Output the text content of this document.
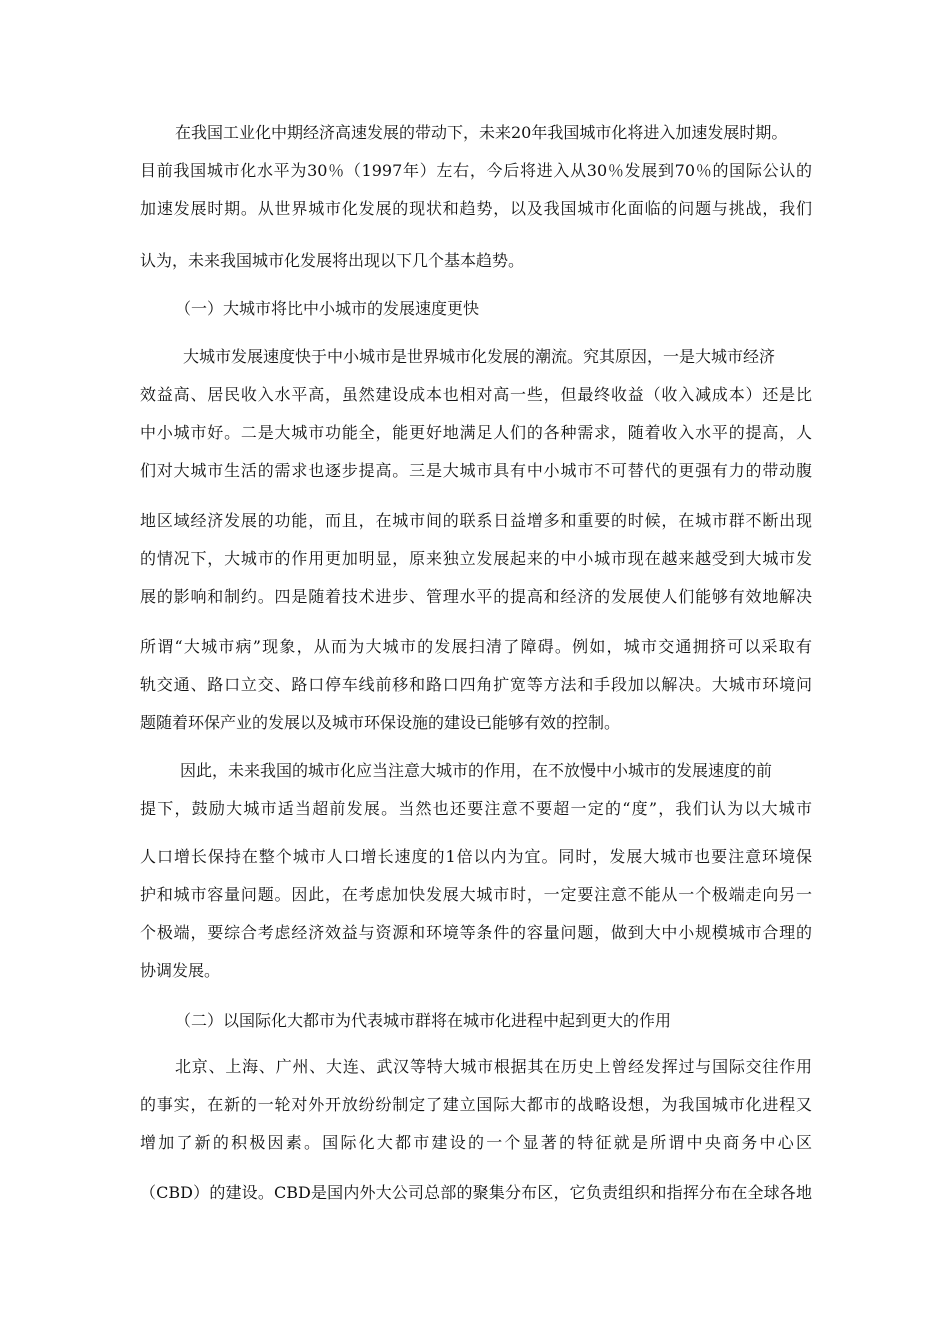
在我国工业化中期经济高速发展的带动下，未来20年我国城市化将进入加速发展时期。

目前我国城市化水平为30％（1997年）左右，今后将进入从30％发展到70％的国际公认的

加速发展时期。从世界城市化发展的现状和趋势，以及我国城市化面临的问题与挑战，我们

认为，未来我国城市化发展将出现以下几个基本趋势。

（一）大城市将比中小城市的发展速度更快

大城市发展速度快于中小城市是世界城市化发展的潮流。究其原因，一是大城市经济

效益高、居民收入水平高，虽然建设成本也相对高一些，但最终收益（收入减成本）还是比

中小城市好。二是大城市功能全，能更好地满足人们的各种需求，随着收入水平的提高，人

们对大城市生活的需求也逐步提高。三是大城市具有中小城市不可替代的更强有力的带动腹

地区域经济发展的功能，而且，在城市间的联系日益增多和重要的时候，在城市群不断出现

的情况下，大城市的作用更加明显，原来独立发展起来的中小城市现在越来越受到大城市发

展的影响和制约。四是随着技术进步、管理水平的提高和经济的发展使人们能够有效地解决

所谓“大城市病”现象，从而为大城市的发展扫清了障碍。例如，城市交通拥挤可以采取有

轨交通、路口立交、路口停车线前移和路口四角扩宽等方法和手段加以解决。大城市环境问

题随着环保产业的发展以及城市环保设施的建设已能够有效的控制。

因此，未来我国的城市化应当注意大城市的作用，在不放慢中小城市的发展速度的前

提下，鼓励大城市适当超前发展。当然也还要注意不要超一定的“度”，我们认为以大城市

人口增长保持在整个城市人口增长速度的1倍以内为宜。同时，发展大城市也要注意环境保

护和城市容量问题。因此，在考虑加快发展大城市时，一定要注意不能从一个极端走向另一

个极端，要综合考虑经济效益与资源和环境等条件的容量问题，做到大中小规模城市合理的

协调发展。

（二）以国际化大都市为代表城市群将在城市化进程中起到更大的作用

北京、上海、广州、大连、武汉等特大城市根据其在历史上曾经发挥过与国际交往作用

的事实，在新的一轮对外开放纷纷制定了建立国际大都市的战略设想，为我国城市化进程又

增加了新的积极因素。国际化大都市建设的一个显著的特征就是所谓中央商务中心区

（CBD）的建设。CBD是国内外大公司总部的聚集分布区，它负责组织和指挥分布在全球各地
